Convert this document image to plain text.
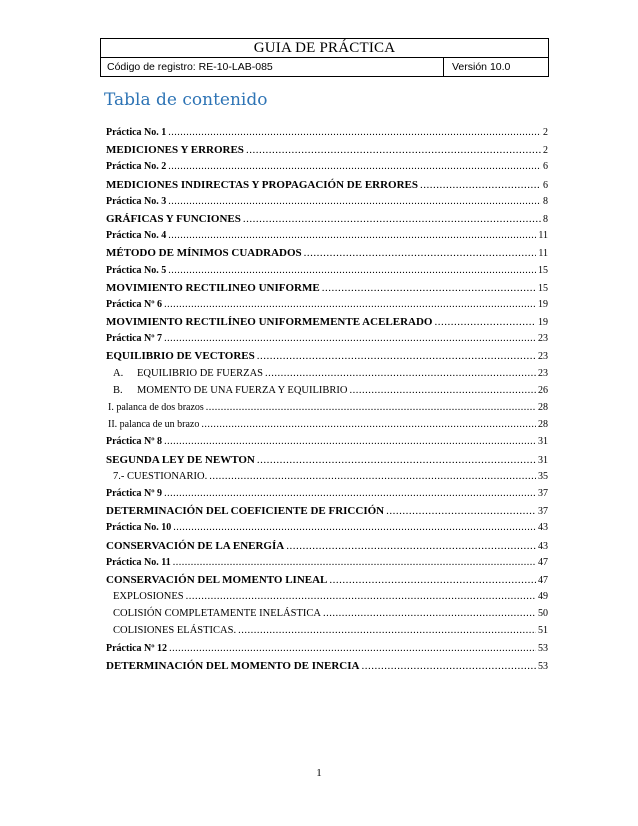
GUIA DE PRÁCTICA
Código de registro: RE-10-LAB-085	Versión 10.0
Tabla de contenido
Práctica No. 1 .....	2
MEDICIONES Y ERRORES .....	2
Práctica No. 2 .....	6
MEDICIONES INDIRECTAS Y PROPAGACIÓN DE ERRORES .....	6
Práctica No. 3 .....	8
GRÁFICAS Y FUNCIONES .....	8
Práctica No. 4 .....	11
MÉTODO DE MÍNIMOS CUADRADOS .....	11
Práctica No. 5 .....	15
MOVIMIENTO RECTILINEO UNIFORME .....	15
Práctica Nº 6 .....	19
MOVIMIENTO RECTILÍNEO UNIFORMEMENTE ACELERADO .....	19
Práctica Nº 7 .....	23
EQUILIBRIO DE VECTORES .....	23
A.	EQUILIBRIO DE FUERZAS .....	23
B.	MOMENTO DE UNA FUERZA Y EQUILIBRIO .....	26
I. palanca de dos brazos .....	28
II. palanca de un brazo .....	28
Práctica Nº 8 .....	31
SEGUNDA LEY DE NEWTON .....	31
7.- CUESTIONARIO. .....	35
Práctica Nº 9 .....	37
DETERMINACIÓN DEL COEFICIENTE DE FRICCIÓN .....	37
Práctica No. 10 .....	43
CONSERVACIÓN DE LA ENERGÍA .....	43
Práctica No. 11 .....	47
CONSERVACIÓN DEL MOMENTO LINEAL .....	47
EXPLOSIONES .....	49
COLISIÓN COMPLETAMENTE INELÁSTICA .....	50
COLISIONES ELÁSTICAS. .....	51
Práctica Nº 12 .....	53
DETERMINACIÓN DEL MOMENTO DE INERCIA .....	53
1
